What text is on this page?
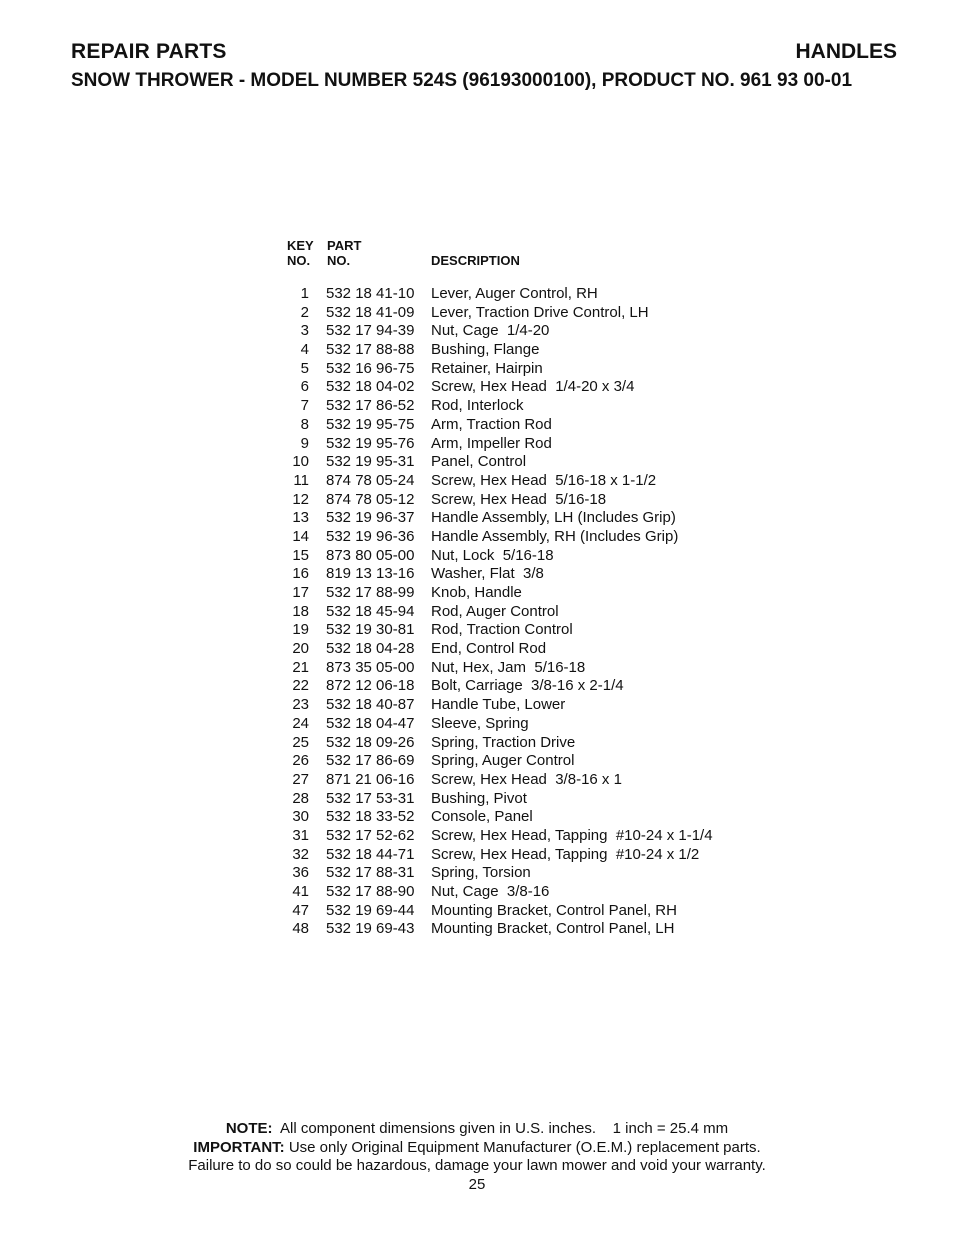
REPAIR PARTS	HANDLES
SNOW THROWER - MODEL NUMBER 524S (96193000100), PRODUCT NO. 961 93 00-01
KEY
NO.
PART
NO.	DESCRIPTION
1 532 18 41-10 Lever, Auger Control, RH
2 532 18 41-09 Lever, Traction Drive Control, LH
3 532 17 94-39 Nut, Cage  1/4-20
4 532 17 88-88 Bushing, Flange
5 532 16 96-75 Retainer, Hairpin
6 532 18 04-02 Screw, Hex Head  1/4-20 x 3/4
7 532 17 86-52 Rod, Interlock
8 532 19 95-75 Arm, Traction Rod
9 532 19 95-76 Arm, Impeller Rod
10 532 19 95-31 Panel, Control
11 874 78 05-24 Screw, Hex Head  5/16-18 x 1-1/2
12 874 78 05-12 Screw, Hex Head  5/16-18
13 532 19 96-37 Handle Assembly, LH (Includes Grip)
14 532 19 96-36 Handle Assembly, RH (Includes Grip)
15 873 80 05-00 Nut, Lock  5/16-18
16 819 13 13-16 Washer, Flat  3/8
17 532 17 88-99 Knob, Handle
18 532 18 45-94 Rod, Auger Control
19 532 19 30-81 Rod, Traction Control
20 532 18 04-28 End, Control Rod
21 873 35 05-00 Nut, Hex, Jam  5/16-18
22 872 12 06-18 Bolt, Carriage  3/8-16 x 2-1/4
23 532 18 40-87 Handle Tube, Lower
24 532 18 04-47 Sleeve, Spring
25 532 18 09-26 Spring, Traction Drive
26 532 17 86-69 Spring, Auger Control
27 871 21 06-16 Screw, Hex Head  3/8-16 x 1
28 532 17 53-31 Bushing, Pivot
30 532 18 33-52 Console, Panel
31 532 17 52-62 Screw, Hex Head, Tapping  #10-24 x 1-1/4
32 532 18 44-71 Screw, Hex Head, Tapping  #10-24 x 1/2
36 532 17 88-31 Spring, Torsion
41 532 17 88-90 Nut, Cage  3/8-16
47 532 19 69-44 Mounting Bracket, Control Panel, RH
48 532 19 69-43 Mounting Bracket, Control Panel, LH
NOTE:  All component dimensions given in U.S. inches.    1 inch = 25.4 mm
IMPORTANT: Use only Original Equipment Manufacturer (O.E.M.) replacement parts.
Failure to do so could be hazardous, damage your lawn mower and void your warranty.
25
